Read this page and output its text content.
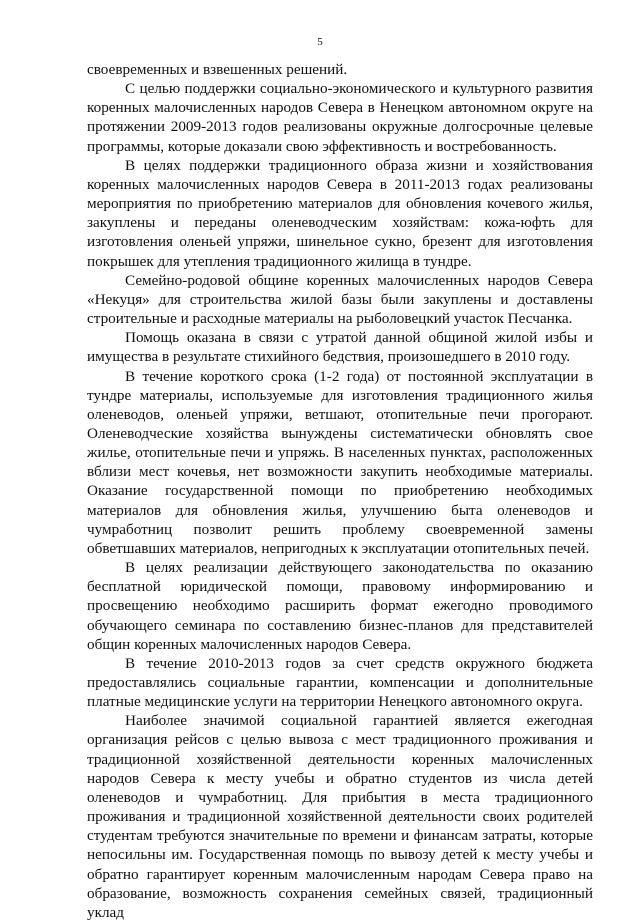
5

своевременных и взвешенных решений.

С целью поддержки социально-экономического и культурного развития коренных малочисленных народов Севера в Ненецком автономном округе на протяжении 2009-2013 годов реализованы окружные долгосрочные целевые программы, которые доказали свою эффективность и востребованность.

В целях поддержки традиционного образа жизни и хозяйствования коренных малочисленных народов Севера в 2011-2013 годах реализованы мероприятия по приобретению материалов для обновления кочевого жилья, закуплены и переданы оленеводческим хозяйствам: кожа-юфть для изготовления оленьей упряжи, шинельное сукно, брезент для изготовления покрышек для утепления традиционного жилища в тундре.

Семейно-родовой общине коренных малочисленных народов Севера «Некуця» для строительства жилой базы были закуплены и доставлены строительные и расходные материалы на рыболовецкий участок Песчанка.

Помощь оказана в связи с утратой данной общиной жилой избы и имущества в результате стихийного бедствия, произошедшего в 2010 году.

В течение короткого срока (1-2 года) от постоянной эксплуатации в тундре материалы, используемые для изготовления традиционного жилья оленеводов, оленьей упряжи, ветшают, отопительные печи прогорают. Оленеводческие хозяйства вынуждены систематически обновлять свое жилье, отопительные печи и упряжь. В населенных пунктах, расположенных вблизи мест кочевья, нет возможности закупить необходимые материалы. Оказание государственной помощи по приобретению необходимых материалов для обновления жилья, улучшению быта оленеводов и чумработниц позволит решить проблему своевременной замены обветшавших материалов, непригодных к эксплуатации отопительных печей.

В целях реализации действующего законодательства по оказанию бесплатной юридической помощи, правовому информированию и просвещению необходимо расширить формат ежегодно проводимого обучающего семинара по составлению бизнес-планов для представителей общин коренных малочисленных народов Севера.

В течение 2010-2013 годов за счет средств окружного бюджета предоставлялись социальные гарантии, компенсации и дополнительные платные медицинские услуги на территории Ненецкого автономного округа.

Наиболее значимой социальной гарантией является ежегодная организация рейсов с целью вывоза с мест традиционного проживания и традиционной хозяйственной деятельности коренных малочисленных народов Севера к месту учебы и обратно студентов из числа детей оленеводов и чумработниц. Для прибытия в места традиционного проживания и традиционной хозяйственной деятельности своих родителей студентам требуются значительные по времени и финансам затраты, которые непосильны им. Государственная помощь по вывозу детей к месту учебы и обратно гарантирует коренным малочисленным народам Севера право на образование, возможность сохранения семейных связей, традиционный уклад
